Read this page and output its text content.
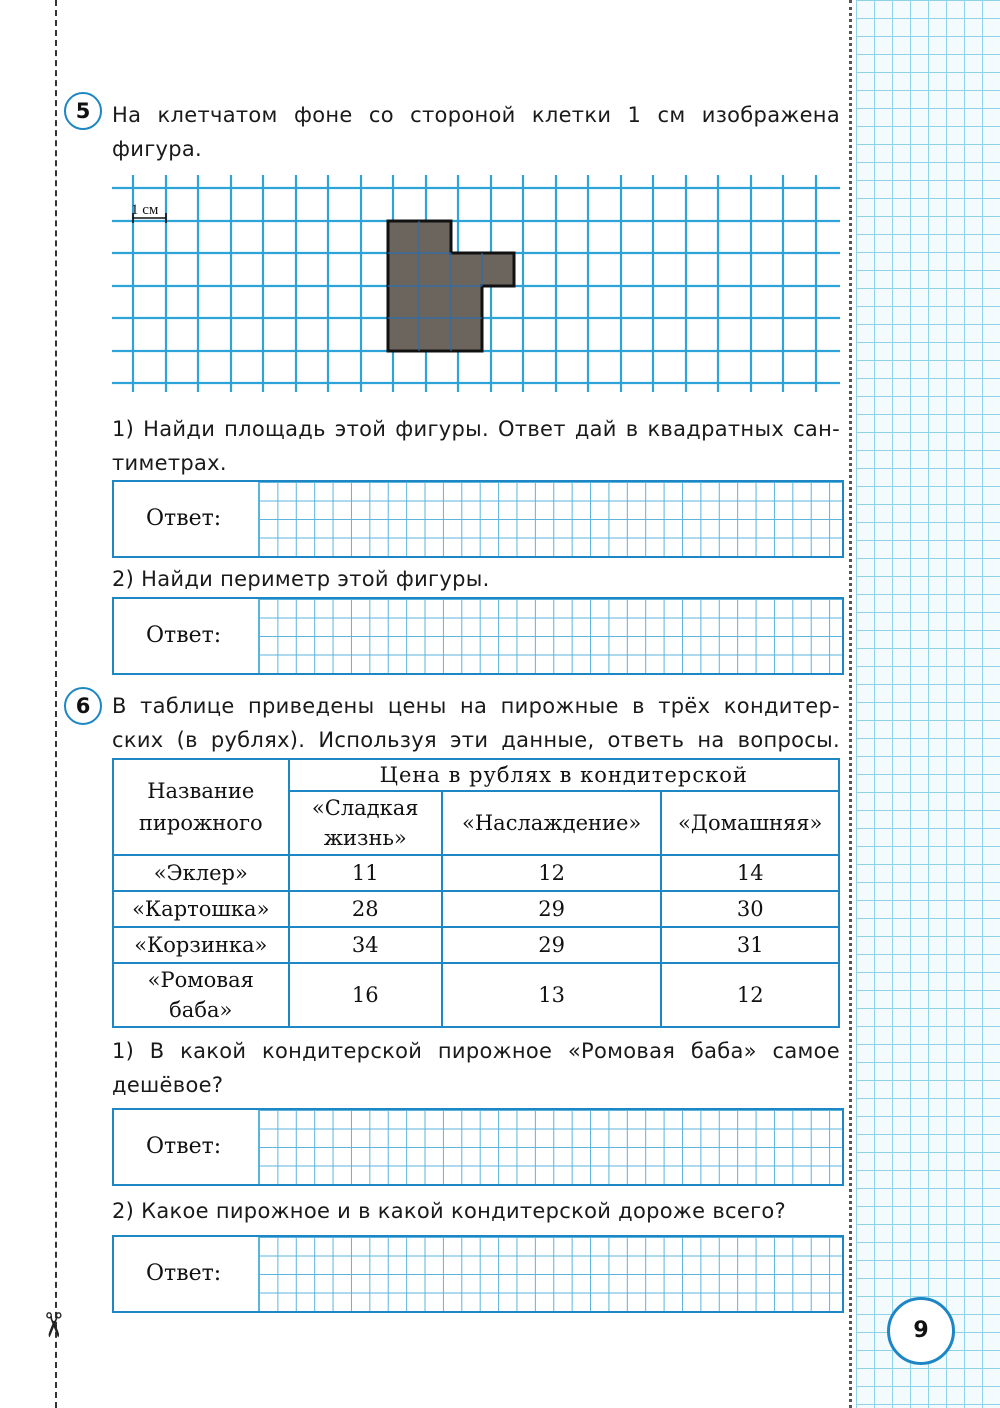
✂
5	На клетчатом фоне со стороной клетки 1 см изображена
фигура.
1 см
1) Найди площадь этой фигуры. Ответ дай в квадратных сан-
тиметрах.
Ответ:
2) Найди периметр этой фигуры.
Ответ:
6	В таблице приведены цены на пирожные в трёх кондитер-
ских (в рублях). Используя эти данные, ответь на вопросы.
Название
пирожного	Цена в рублях в кондитерской		

	«Сладкая
жизнь»	«Наслаждение»	«Домашняя»
«Эклер»	11	12	14
«Картошка»	28	29	30
«Корзинка»	34	29	31

«Ромовая
баба»	16	13	12
1) В какой кондитерской пирожное «Ромовая баба» самое
дешёвое?
Ответ:
2) Какое пирожное и в какой кондитерской дороже всего?
Ответ:
9
